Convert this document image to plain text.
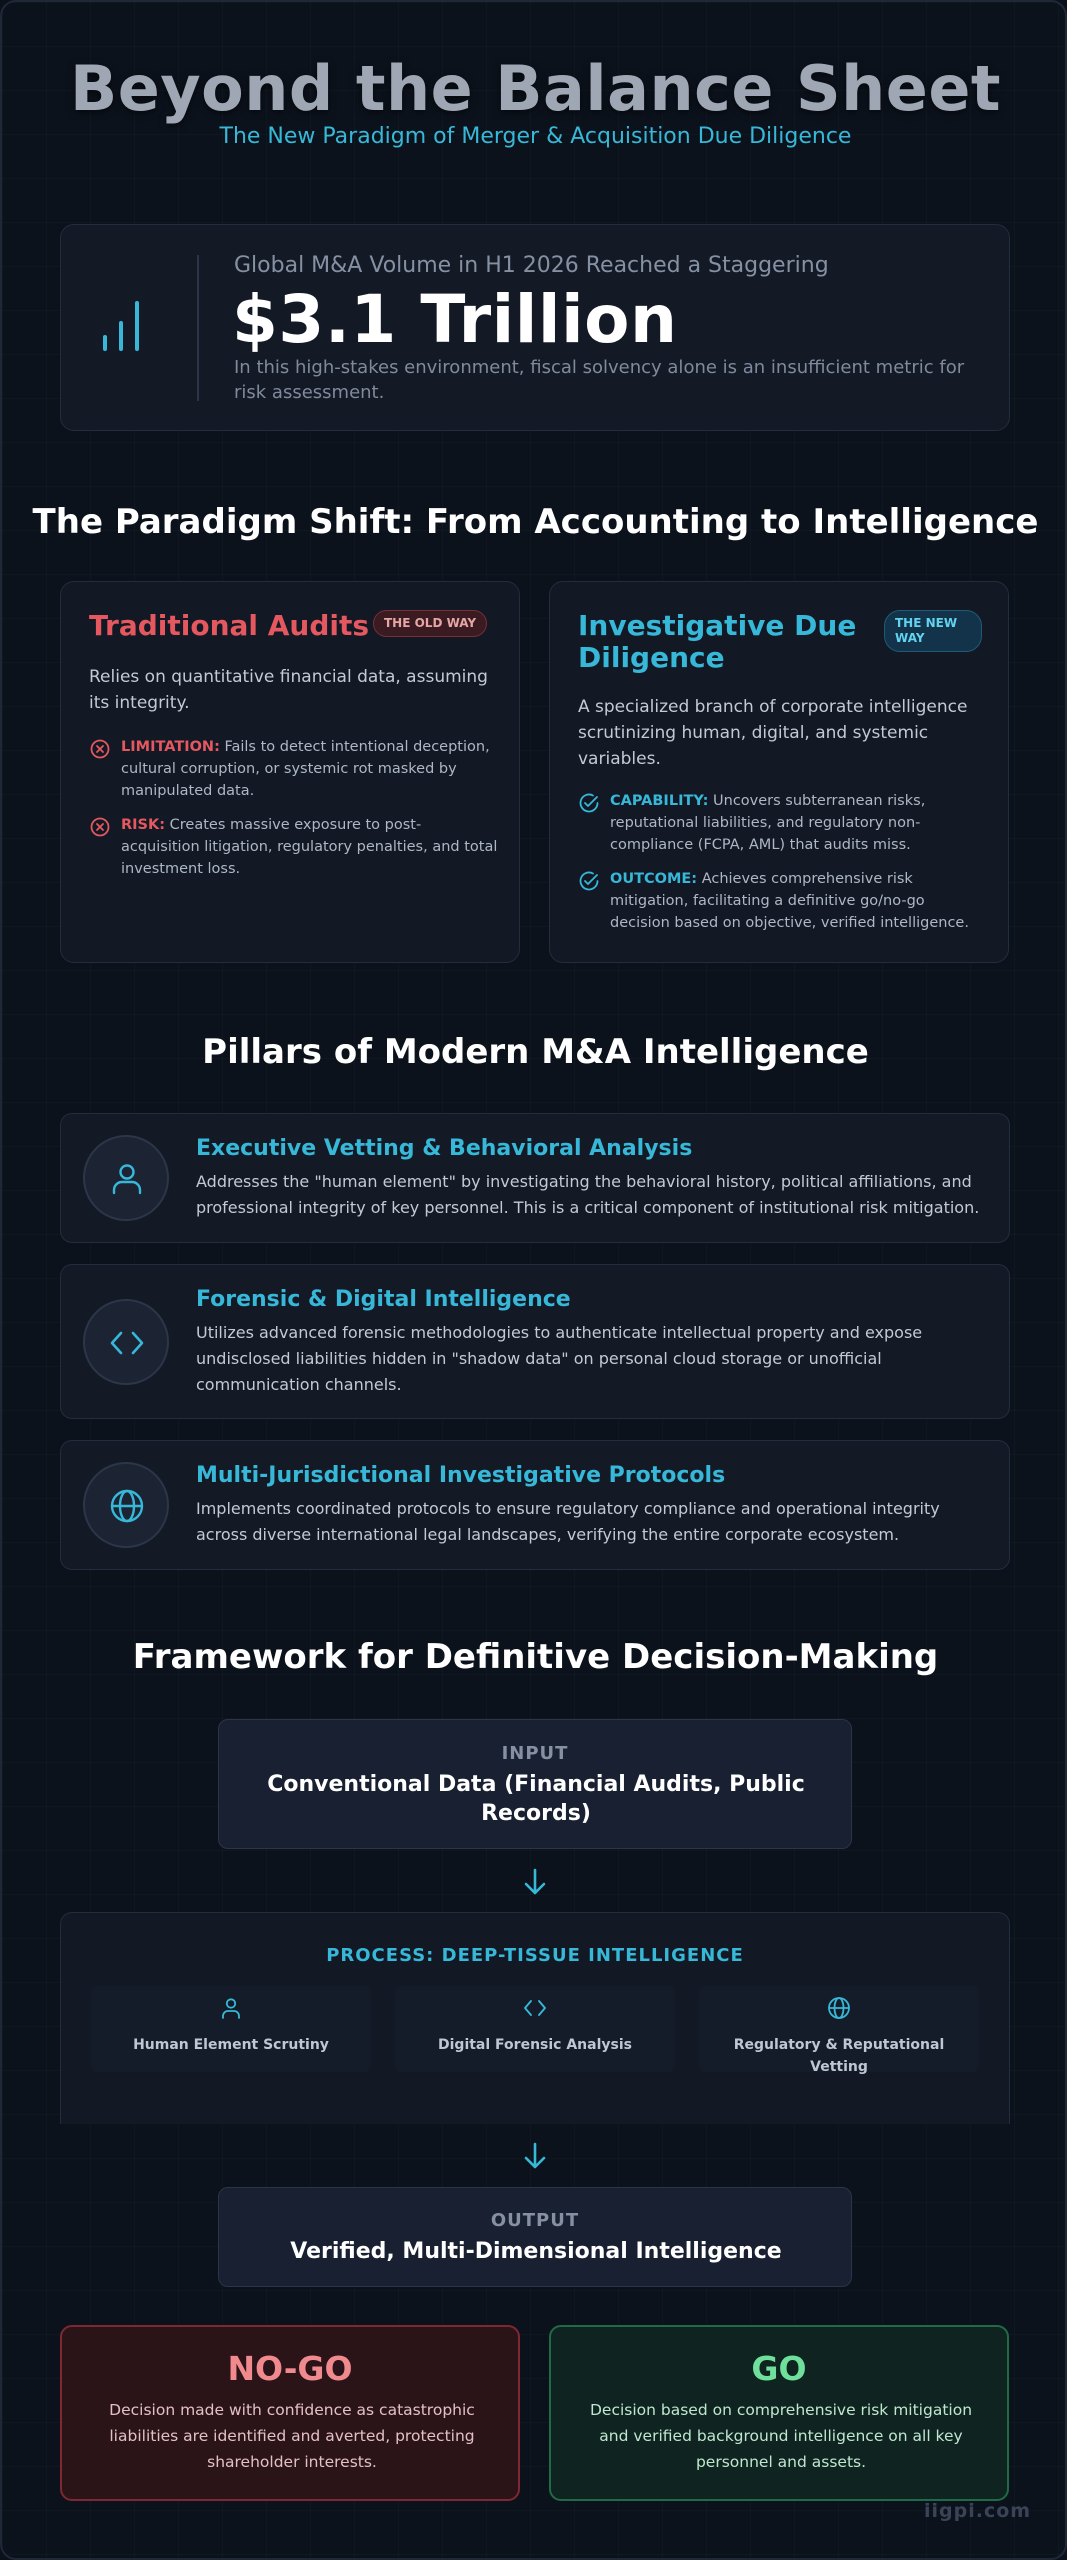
Beyond the Balance Sheet
The New Paradigm of Merger & Acquisition Due Diligence
Global M&A Volume in H1 2026 Reached a Staggering
$3.1 Trillion
In this high-stakes environment, fiscal solvency alone is an insufficient metric for risk assessment.
The Paradigm Shift: From Accounting to Intelligence
Traditional Audits	THE OLD WAY
Relies on quantitative financial data, assuming its integrity.
LIMITATION: Fails to detect intentional deception, cultural corruption, or systemic rot masked by manipulated data.
RISK: Creates massive exposure to post-acquisition litigation, regulatory penalties, and total investment loss.
Investigative Due Diligence
THE NEW WAY
A specialized branch of corporate intelligence scrutinizing human, digital, and systemic variables.
CAPABILITY: Uncovers subterranean risks, reputational liabilities, and regulatory non-compliance (FCPA, AML) that audits miss.
OUTCOME: Achieves comprehensive risk mitigation, facilitating a definitive go/no-go decision based on objective, verified intelligence.
Pillars of Modern M&A Intelligence
Executive Vetting & Behavioral Analysis
Addresses the "human element" by investigating the behavioral history, political affiliations, and professional integrity of key personnel. This is a critical component of institutional risk mitigation.
Forensic & Digital Intelligence
Utilizes advanced forensic methodologies to authenticate intellectual property and expose undisclosed liabilities hidden in "shadow data" on personal cloud storage or unofficial communication channels.
Multi-Jurisdictional Investigative Protocols
Implements coordinated protocols to ensure regulatory compliance and operational integrity across diverse international legal landscapes, verifying the entire corporate ecosystem.
Framework for Definitive Decision-Making
INPUT
Conventional Data (Financial Audits, Public Records)
PROCESS: DEEP-TISSUE INTELLIGENCE
Human Element Scrutiny	Digital Forensic Analysis	Regulatory & Reputational Vetting
OUTPUT
Verified, Multi-Dimensional Intelligence
NO-GO
Decision made with confidence as catastrophic liabilities are identified and averted, protecting shareholder interests.
GO
Decision based on comprehensive risk mitigation and verified background intelligence on all key personnel and assets.
iigpi.com
